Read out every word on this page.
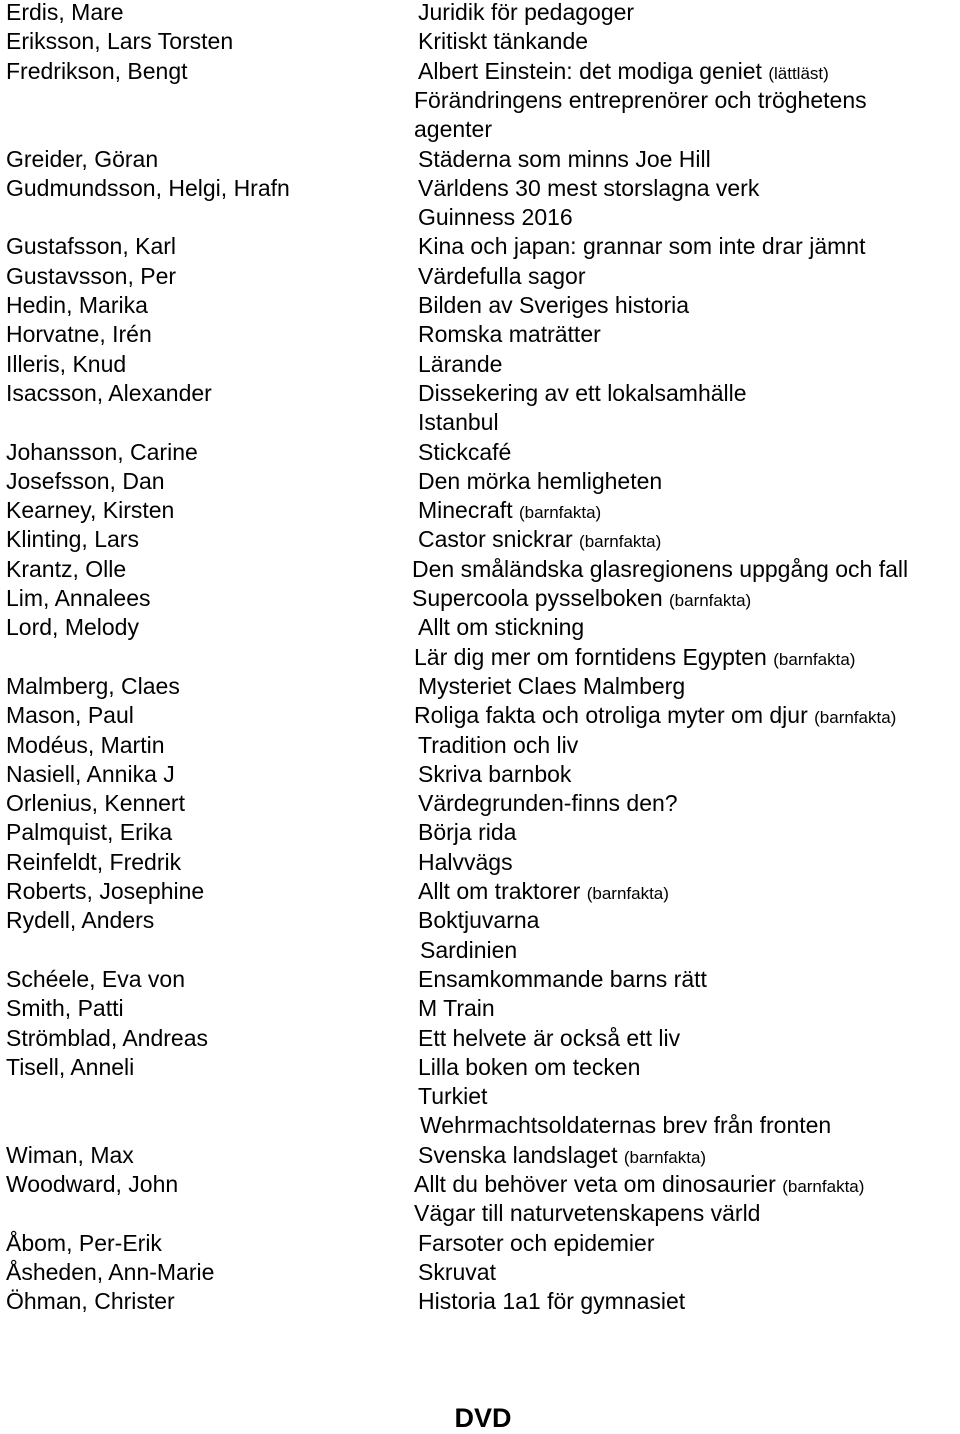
Erdis, Mare	Juridik för pedagoger
Eriksson, Lars Torsten	Kritiskt tänkande
Fredrikson, Bengt	Albert Einstein: det modiga geniet (lättläst)
Förändringens entreprenörer och tröghetens
agenter
Greider, Göran	Städerna som minns Joe Hill
Gudmundsson, Helgi, Hrafn	Världens 30 mest storslagna verk
Guinness 2016
Gustafsson, Karl	Kina och japan: grannar som inte drar jämnt
Gustavsson, Per	Värdefulla sagor
Hedin, Marika	Bilden av Sveriges historia
Horvatne, Irén	Romska maträtter
Illeris, Knud	Lärande
Isacsson, Alexander	Dissekering av ett lokalsamhälle
Istanbul
Johansson, Carine	Stickcafé
Josefsson, Dan	Den mörka hemligheten
Kearney, Kirsten	Minecraft (barnfakta)
Klinting, Lars	Castor snickrar (barnfakta)
Krantz, Olle	Den småländska glasregionens uppgång och fall
Lim, Annalees	Supercoola pysselboken (barnfakta)
Lord, Melody	Allt om stickning
Lär dig mer om forntidens Egypten (barnfakta)
Malmberg, Claes	Mysteriet Claes Malmberg
Mason, Paul	Roliga fakta och otroliga myter om djur (barnfakta)
Modéus, Martin	Tradition och liv
Nasiell, Annika J	Skriva barnbok
Orlenius, Kennert	Värdegrunden-finns den?
Palmquist, Erika	Börja rida
Reinfeldt, Fredrik	Halvvägs
Roberts, Josephine	Allt om traktorer (barnfakta)
Rydell, Anders	Boktjuvarna
Sardinien
Schéele, Eva von	Ensamkommande barns rätt
Smith, Patti	M Train
Strömblad, Andreas	Ett helvete är också ett liv
Tisell, Anneli	Lilla boken om tecken
Turkiet
Wehrmachtsoldaternas brev från fronten
Wiman, Max	Svenska landslaget (barnfakta)
Woodward, John	Allt du behöver veta om dinosaurier (barnfakta)
Vägar till naturvetenskapens värld
Åbom, Per-Erik	Farsoter och epidemier
Åsheden, Ann-Marie	Skruvat
Öhman, Christer	Historia 1a1 för gymnasiet
DVD
